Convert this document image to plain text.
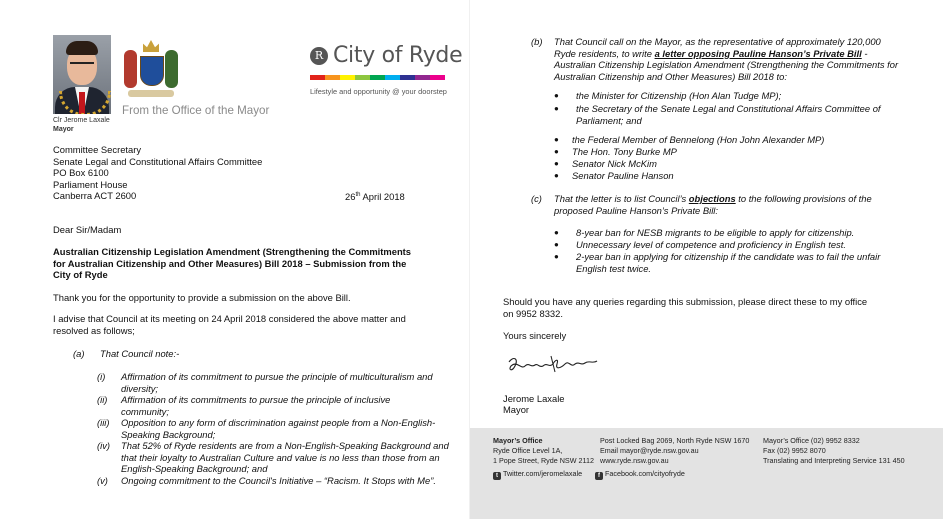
R City of Ryde
Lifestyle and opportunity @ your doorstep
From the Office of the Mayor
Clr Jerome Laxale
Mayor
Committee Secretary
Senate Legal and Constitutional Affairs Committee
PO Box 6100
Parliament House
Canberra ACT 2600	26th April 2018
Dear Sir/Madam
Australian Citizenship Legislation Amendment (Strengthening the Commitments for Australian Citizenship and Other Measures) Bill 2018 – Submission from the City of Ryde
Thank you for the opportunity to provide a submission on the above Bill.
I advise that Council at its meeting on 24 April 2018 considered the above matter and resolved as follows;
(a) That Council note:-
(i)	Affirmation of its commitment to pursue the principle of multiculturalism and diversity;
(ii)	Affirmation of its commitments to pursue the principle of inclusive community;
(iii)	Opposition to any form of discrimination against people from a Non-English-Speaking Background;
(iv)	That 52% of Ryde residents are from a Non-English-Speaking Background and that their loyalty to Australian Culture and value is no less than those from an English-Speaking Background; and
(v)	Ongoing commitment to the Council's Initiative – “Racism. It Stops with Me”.
(b) That Council call on the Mayor, as the representative of approximately 120,000 Ryde residents, to write a letter opposing Pauline Hanson’s Private Bill - Australian Citizenship Legislation Amendment (Strengthening the Commitments for Australian Citizenship and Other Measures) Bill 2018 to:
● the Minister for Citizenship (Hon Alan Tudge MP);
● the Secretary of the Senate Legal and Constitutional Affairs Committee of Parliament; and
● the Federal Member of Bennelong (Hon John Alexander MP)
● The Hon. Tony Burke MP
● Senator Nick McKim
● Senator Pauline Hanson
(c) That the letter is to list Council’s objections to the following provisions of the proposed Pauline Hanson’s Private Bill:
● 8-year ban for NESB migrants to be eligible to apply for citizenship.
● Unnecessary level of competence and proficiency in English test.
● 2-year ban in applying for citizenship if the candidate was to fail the unfair English test twice.
Should you have any queries regarding this submission, please direct these to my office on 9952 8332.
Yours sincerely
Jerome Laxale
Mayor
Mayor’s Office
Ryde Office Level 1A,
1 Pope Street, Ryde NSW 2112
Post Locked Bag 2069, North Ryde NSW 1670
Email mayor@ryde.nsw.gov.au
www.ryde.nsw.gov.au
Mayor’s Office (02) 9952 8332
Fax (02) 9952 8070
Translating and Interpreting Service 131 450
t Twitter.com/jeromelaxale	f Facebook.com/cityofryde
